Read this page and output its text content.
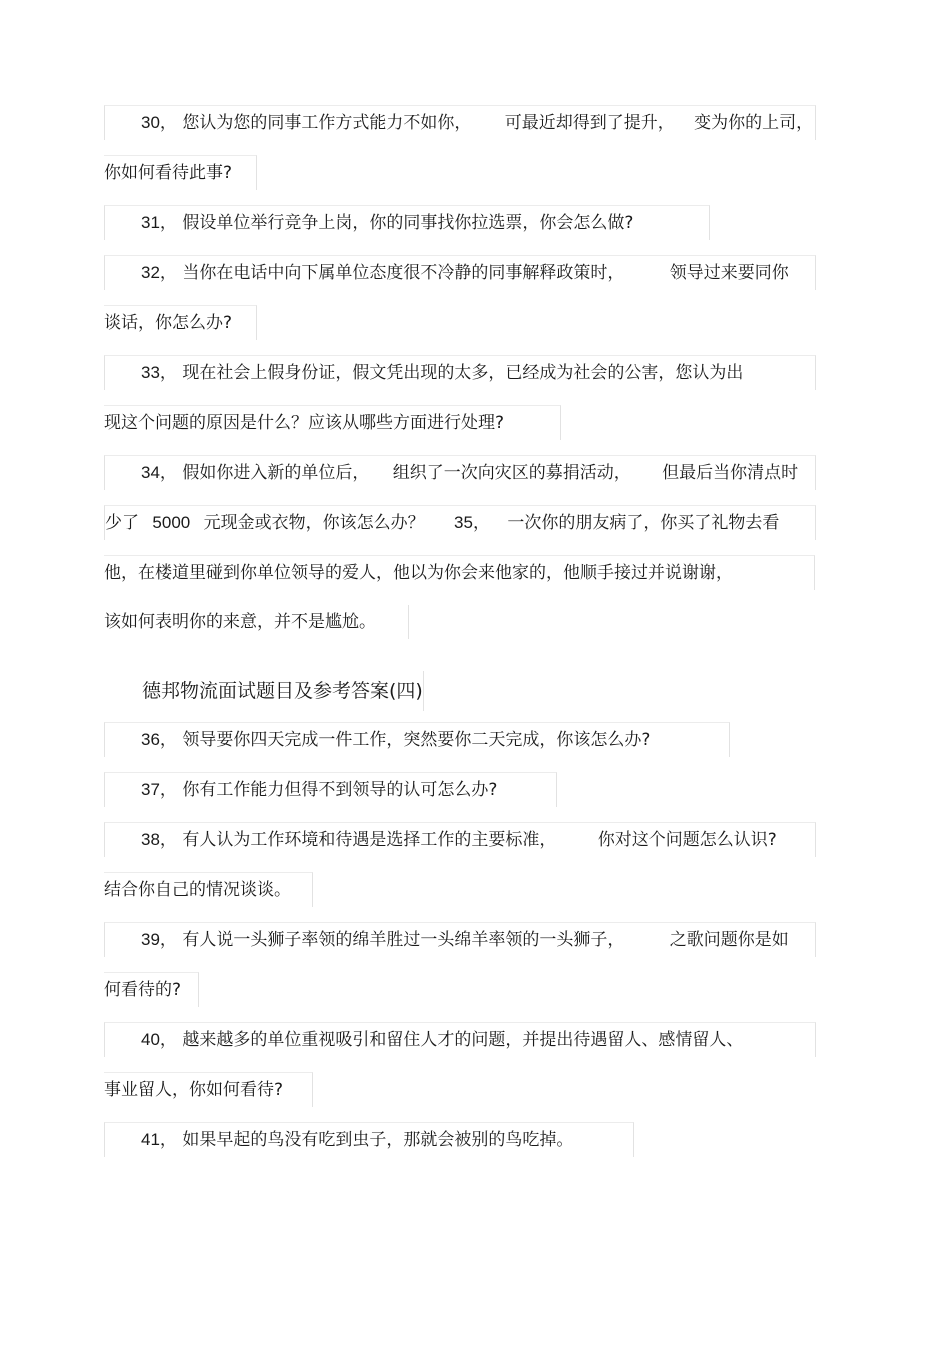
30， 您认为您的同事工作方式能力不如你， 可最近却得到了提升， 变为你的上司，
你如何看待此事?
31， 假设单位举行竞争上岗，你的同事找你拉选票，你会怎么做?
32， 当你在电话中向下属单位态度很不冷静的同事解释政策时，	领导过来要同你
谈话，你怎么办?
33， 现在社会上假身份证，假文凭出现的太多，已经成为社会的公害，您认为出
现这个问题的原因是什么？应该从哪些方面进行处理?
34， 假如你进入新的单位后， 组织了一次向灾区的募捐活动， 但最后当你清点时
少了 5000 元现金或衣物，你该怎么办？ 35， 一次你的朋友病了，你买了礼物去看
他，在楼道里碰到你单位领导的爱人，他以为你会来他家的，他顺手接过并说谢谢，
该如何表明你的来意，并不是尴尬。
德邦物流面试题目及参考答案(四)
36， 领导要你四天完成一件工作，突然要你二天完成，你该怎么办?
37， 你有工作能力但得不到领导的认可怎么办?
38， 有人认为工作环境和待遇是选择工作的主要标准， 你对这个问题怎么认识?
结合你自己的情况谈谈。
39， 有人说一头狮子率领的绵羊胜过一头绵羊率领的一头狮子，	之歌问题你是如
何看待的?
40， 越来越多的单位重视吸引和留住人才的问题，并提出待遇留人、感情留人、
事业留人，你如何看待?
41， 如果早起的鸟没有吃到虫子，那就会被别的鸟吃掉。
